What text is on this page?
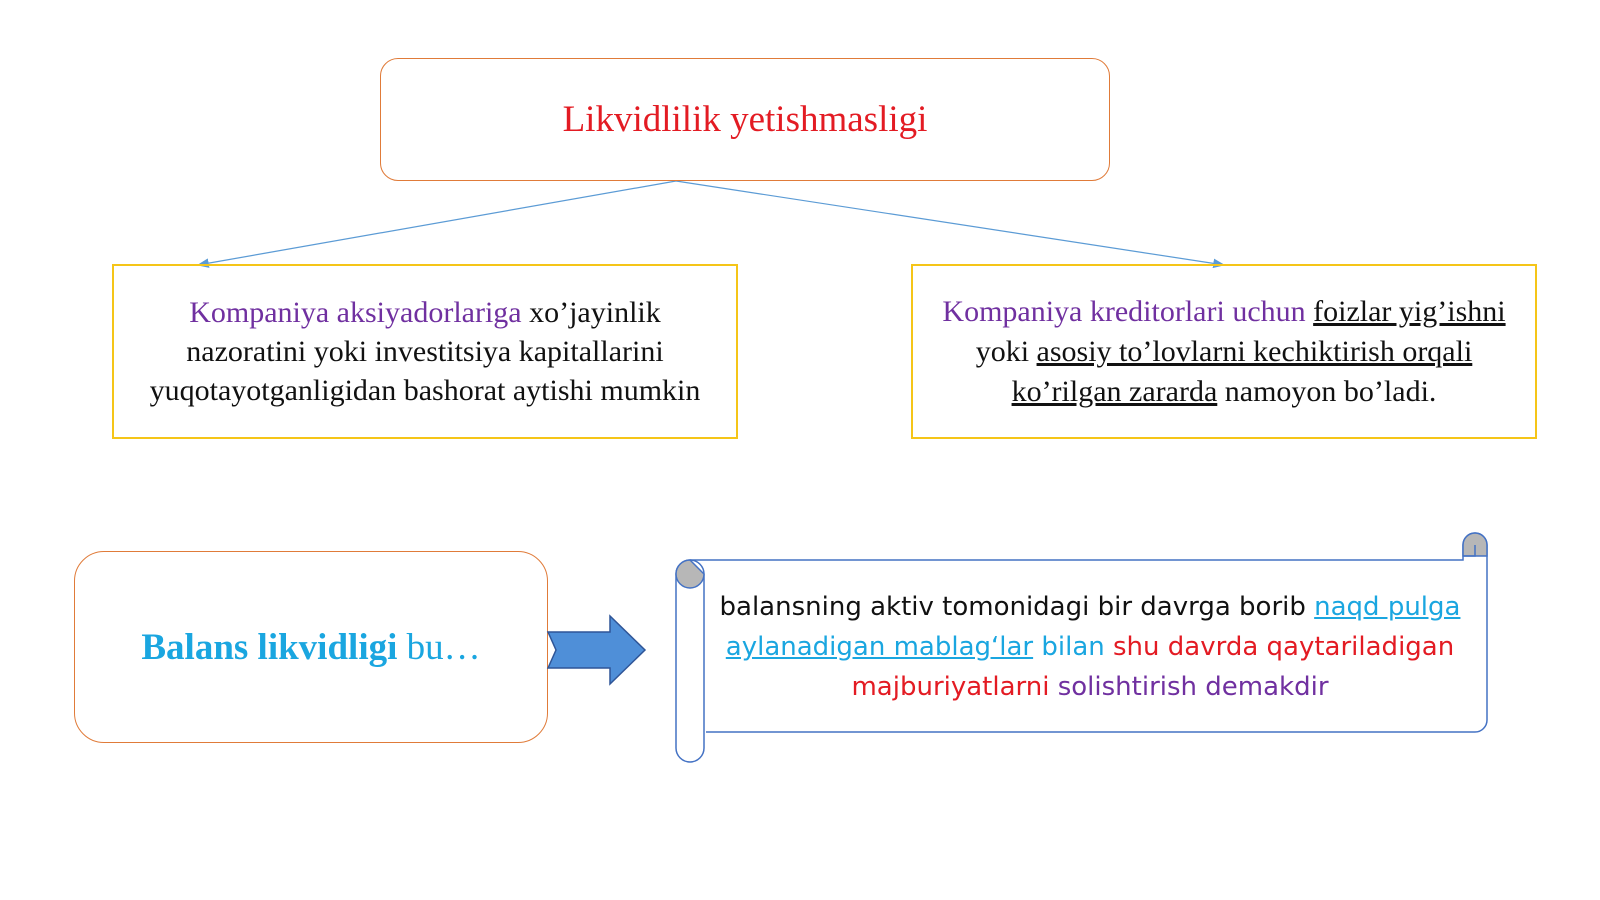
Likvidlilik yetishmasligi
Kompaniya aksiyadorlariga xo’jayinlik nazoratini yoki investitsiya kapitallarini yuqotayotganligidan bashorat aytishi mumkin
Kompaniya kreditorlari uchun foizlar yig’ishni yoki asosiy to’lovlarni kechiktirish orqali ko’rilgan zararda namoyon bo’ladi.
Balans likvidligi bu…
balansning aktiv tomonidagi bir davrga borib naqd pulga aylanadigan mablag‘lar bilan shu davrda qaytariladigan majburiyatlarni solishtirish demakdir
